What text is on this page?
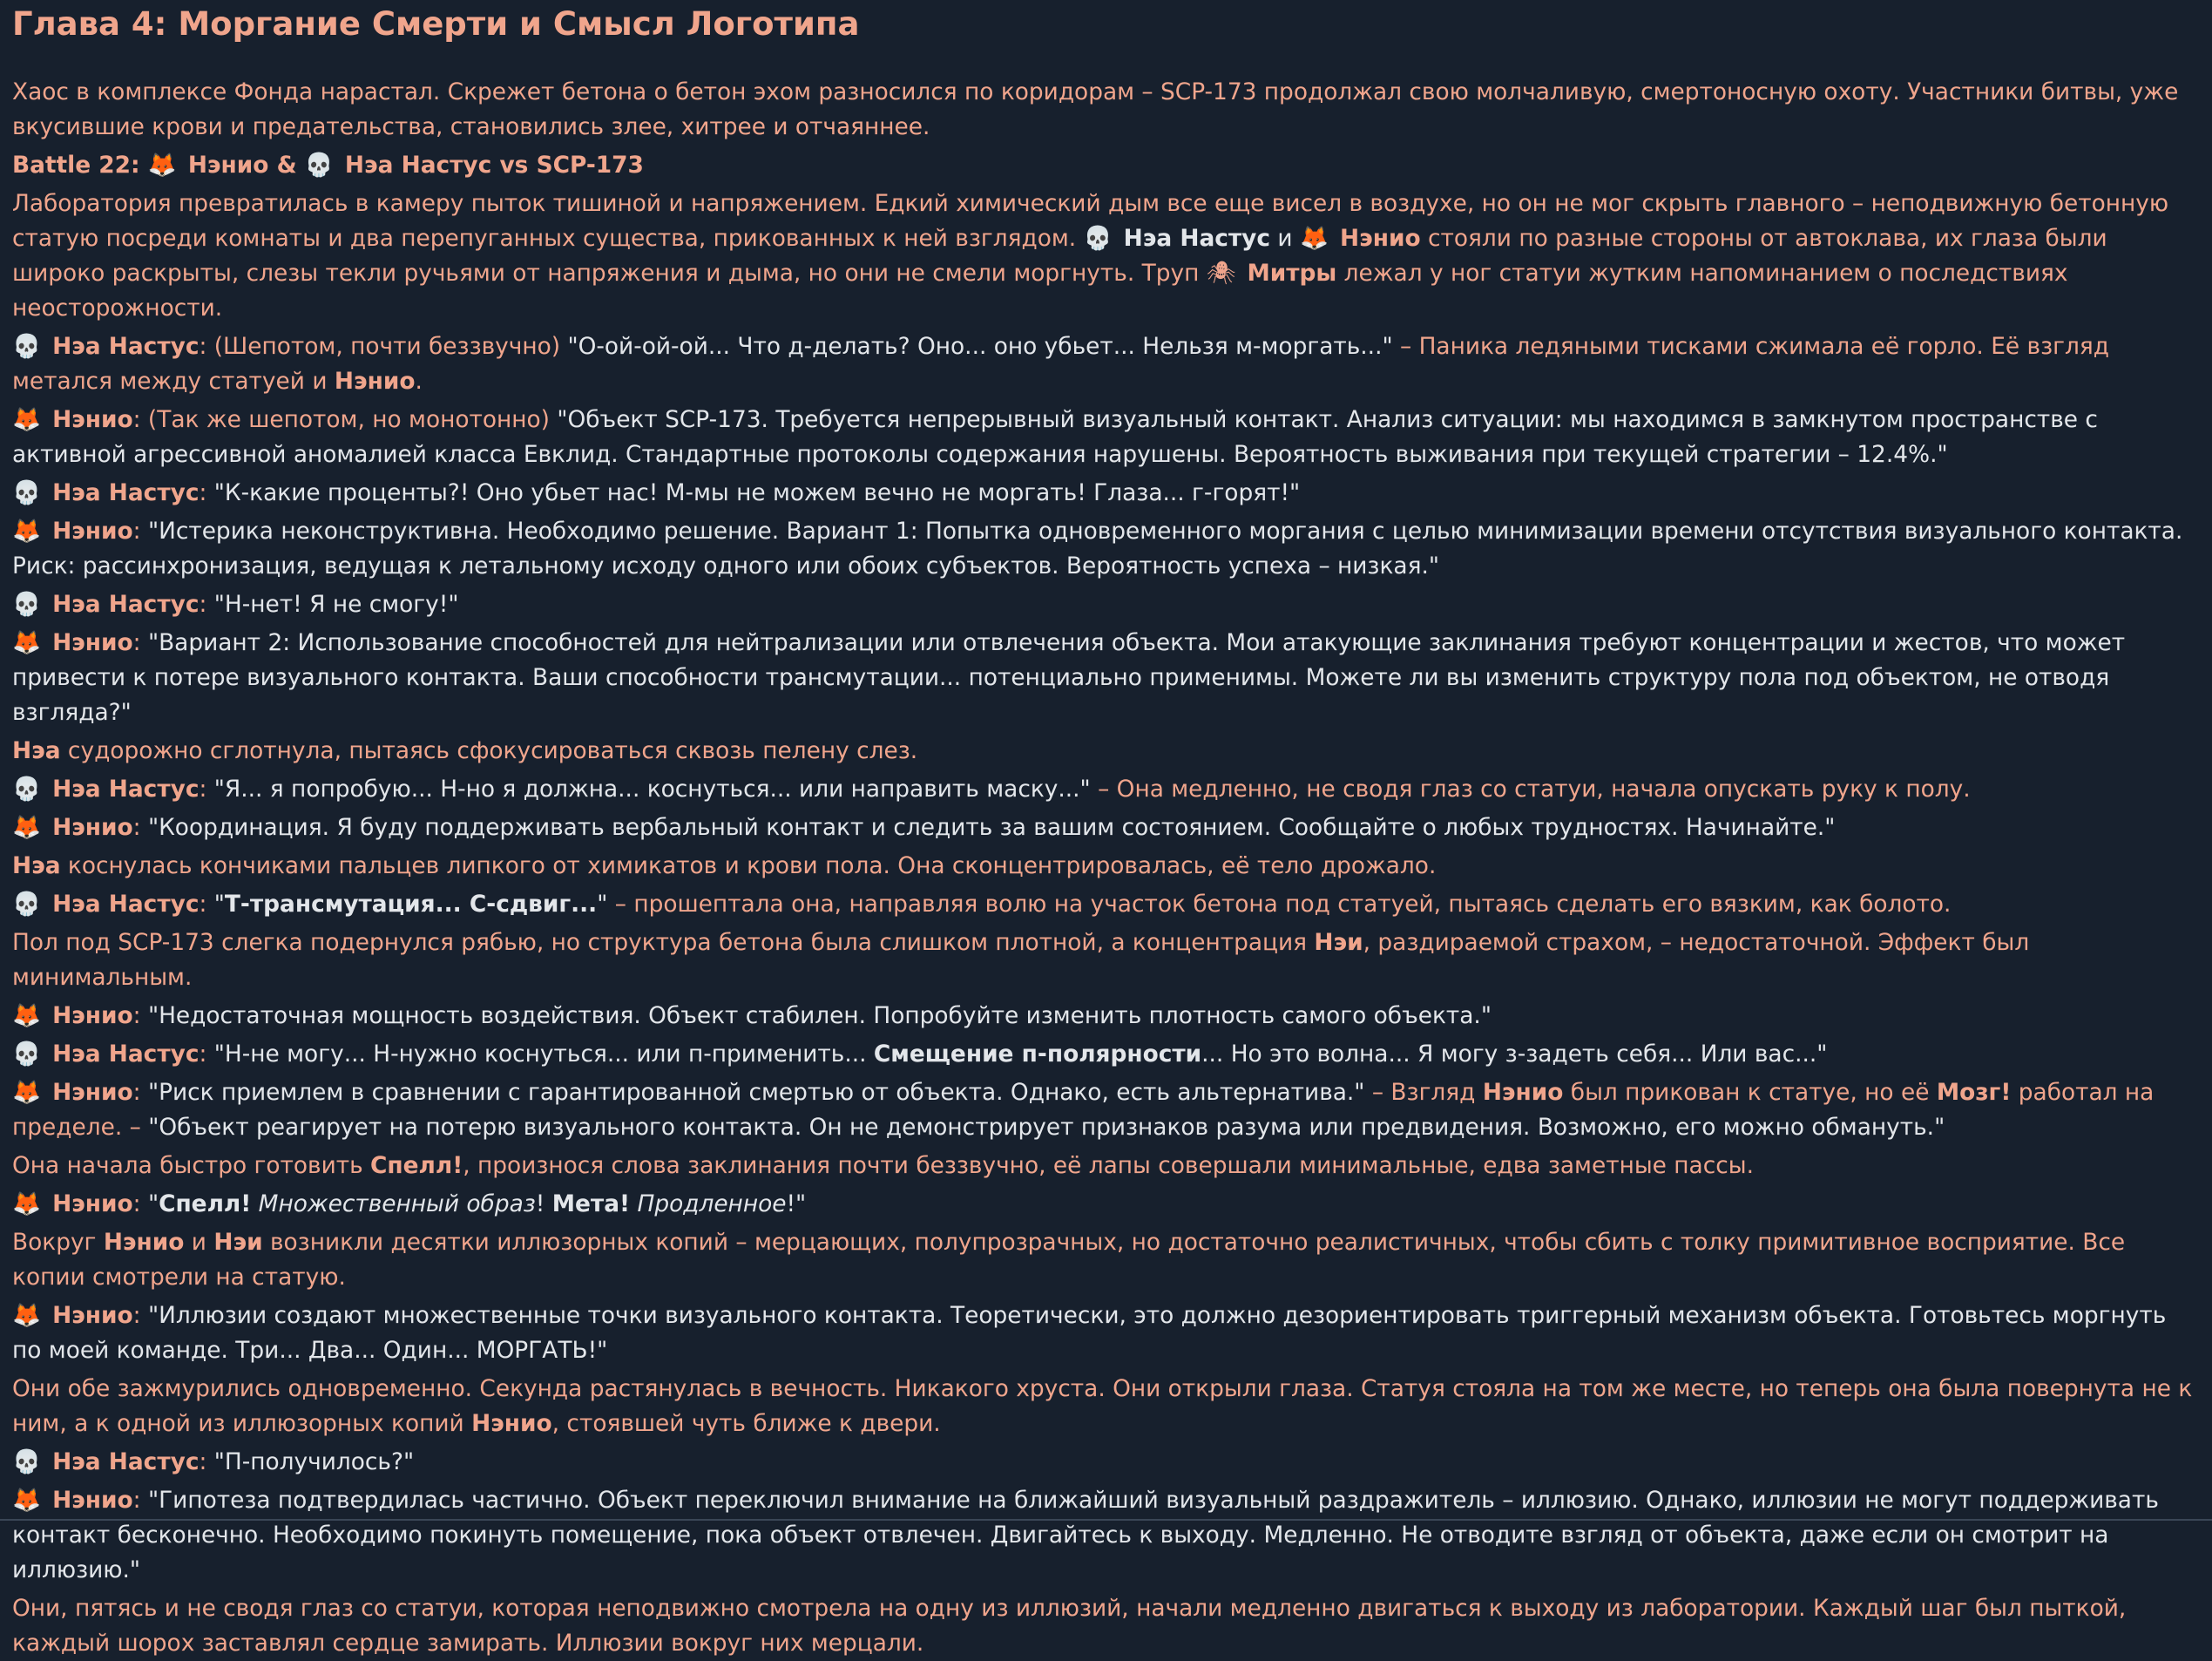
Глава 4: Моргание Смерти и Смысл Логотипа

Хаос в комплексе Фонда нарастал. Скрежет бетона о бетон эхом разносился по коридорам – SCP-173 продолжал свою молчаливую, смертоносную охоту. Участники битвы, уже вкусившие крови и предательства, становились злее, хитрее и отчаяннее.

Battle 22: 🦊 Нэнио & 💀 Нэа Настус vs SCP-173

Лаборатория превратилась в камеру пыток тишиной и напряжением. Едкий химический дым все еще висел в воздухе, но он не мог скрыть главного – неподвижную бетонную статую посреди комнаты и два перепуганных существа, прикованных к ней взглядом. 💀 Нэа Настус и 🦊 Нэнио стояли по разные стороны от автоклава, их глаза были широко раскрыты, слезы текли ручьями от напряжения и дыма, но они не смели моргнуть. Труп 🕷 Митры лежал у ног статуи жутким напоминанием о последствиях неосторожности.

💀 Нэа Настус: (Шепотом, почти беззвучно) "О-ой-ой-ой... Что д-делать? Оно... оно убьет... Нельзя м-моргать..." – Паника ледяными тисками сжимала её горло. Её взгляд метался между статуей и Нэнио.

🦊 Нэнио: (Так же шепотом, но монотонно) "Объект SCP-173. Требуется непрерывный визуальный контакт. Анализ ситуации: мы находимся в замкнутом пространстве с активной агрессивной аномалией класса Евклид. Стандартные протоколы содержания нарушены. Вероятность выживания при текущей стратегии – 12.4%."

💀 Нэа Настус: "К-какие проценты?! Оно убьет нас! М-мы не можем вечно не моргать! Глаза... г-горят!"

🦊 Нэнио: "Истерика неконструктивна. Необходимо решение. Вариант 1: Попытка одновременного моргания с целью минимизации времени отсутствия визуального контакта. Риск: рассинхронизация, ведущая к летальному исходу одного или обоих субъектов. Вероятность успеха – низкая."

💀 Нэа Настус: "Н-нет! Я не смогу!"

🦊 Нэнио: "Вариант 2: Использование способностей для нейтрализации или отвлечения объекта. Мои атакующие заклинания требуют концентрации и жестов, что может привести к потере визуального контакта. Ваши способности трансмутации... потенциально применимы. Можете ли вы изменить структуру пола под объектом, не отводя взгляда?"

Нэа судорожно сглотнула, пытаясь сфокусироваться сквозь пелену слез.

💀 Нэа Настус: "Я... я попробую... Н-но я должна... коснуться... или направить маску..." – Она медленно, не сводя глаз со статуи, начала опускать руку к полу.

🦊 Нэнио: "Координация. Я буду поддерживать вербальный контакт и следить за вашим состоянием. Сообщайте о любых трудностях. Начинайте."

Нэа коснулась кончиками пальцев липкого от химикатов и крови пола. Она сконцентрировалась, её тело дрожало.

💀 Нэа Настус: "Т-трансмутация... С-сдвиг..." – прошептала она, направляя волю на участок бетона под статуей, пытаясь сделать его вязким, как болото.

Пол под SCP-173 слегка подернулся рябью, но структура бетона была слишком плотной, а концентрация Нэи, раздираемой страхом, – недостаточной. Эффект был минимальным.

🦊 Нэнио: "Недостаточная мощность воздействия. Объект стабилен. Попробуйте изменить плотность самого объекта."

💀 Нэа Настус: "Н-не могу... Н-нужно коснуться... или п-применить... Смещение п-полярности... Но это волна... Я могу з-задеть себя... Или вас..."

🦊 Нэнио: "Риск приемлем в сравнении с гарантированной смертью от объекта. Однако, есть альтернатива." – Взгляд Нэнио был прикован к статуе, но её Мозг! работал на пределе. – "Объект реагирует на потерю визуального контакта. Он не демонстрирует признаков разума или предвидения. Возможно, его можно обмануть."

Она начала быстро готовить Спелл!, произнося слова заклинания почти беззвучно, её лапы совершали минимальные, едва заметные пассы.

🦊 Нэнио: "Спелл! Множественный образ! Мета! Продленное!"

Вокруг Нэнио и Нэи возникли десятки иллюзорных копий – мерцающих, полупрозрачных, но достаточно реалистичных, чтобы сбить с толку примитивное восприятие. Все копии смотрели на статую.

🦊 Нэнио: "Иллюзии создают множественные точки визуального контакта. Теоретически, это должно дезориентировать триггерный механизм объекта. Готовьтесь моргнуть по моей команде. Три... Два... Один... МОРГАТЬ!"

Они обе зажмурились одновременно. Секунда растянулась в вечность. Никакого хруста. Они открыли глаза. Статуя стояла на том же месте, но теперь она была повернута не к ним, а к одной из иллюзорных копий Нэнио, стоявшей чуть ближе к двери.

💀 Нэа Настус: "П-получилось?"

🦊 Нэнио: "Гипотеза подтвердилась частично. Объект переключил внимание на ближайший визуальный раздражитель – иллюзию. Однако, иллюзии не могут поддерживать контакт бесконечно. Необходимо покинуть помещение, пока объект отвлечен. Двигайтесь к выходу. Медленно. Не отводите взгляд от объекта, даже если он смотрит на иллюзию."

Они, пятясь и не сводя глаз со статуи, которая неподвижно смотрела на одну из иллюзий, начали медленно двигаться к выходу из лаборатории. Каждый шаг был пыткой, каждый шорох заставлял сердце замирать. Иллюзии вокруг них мерцали.
